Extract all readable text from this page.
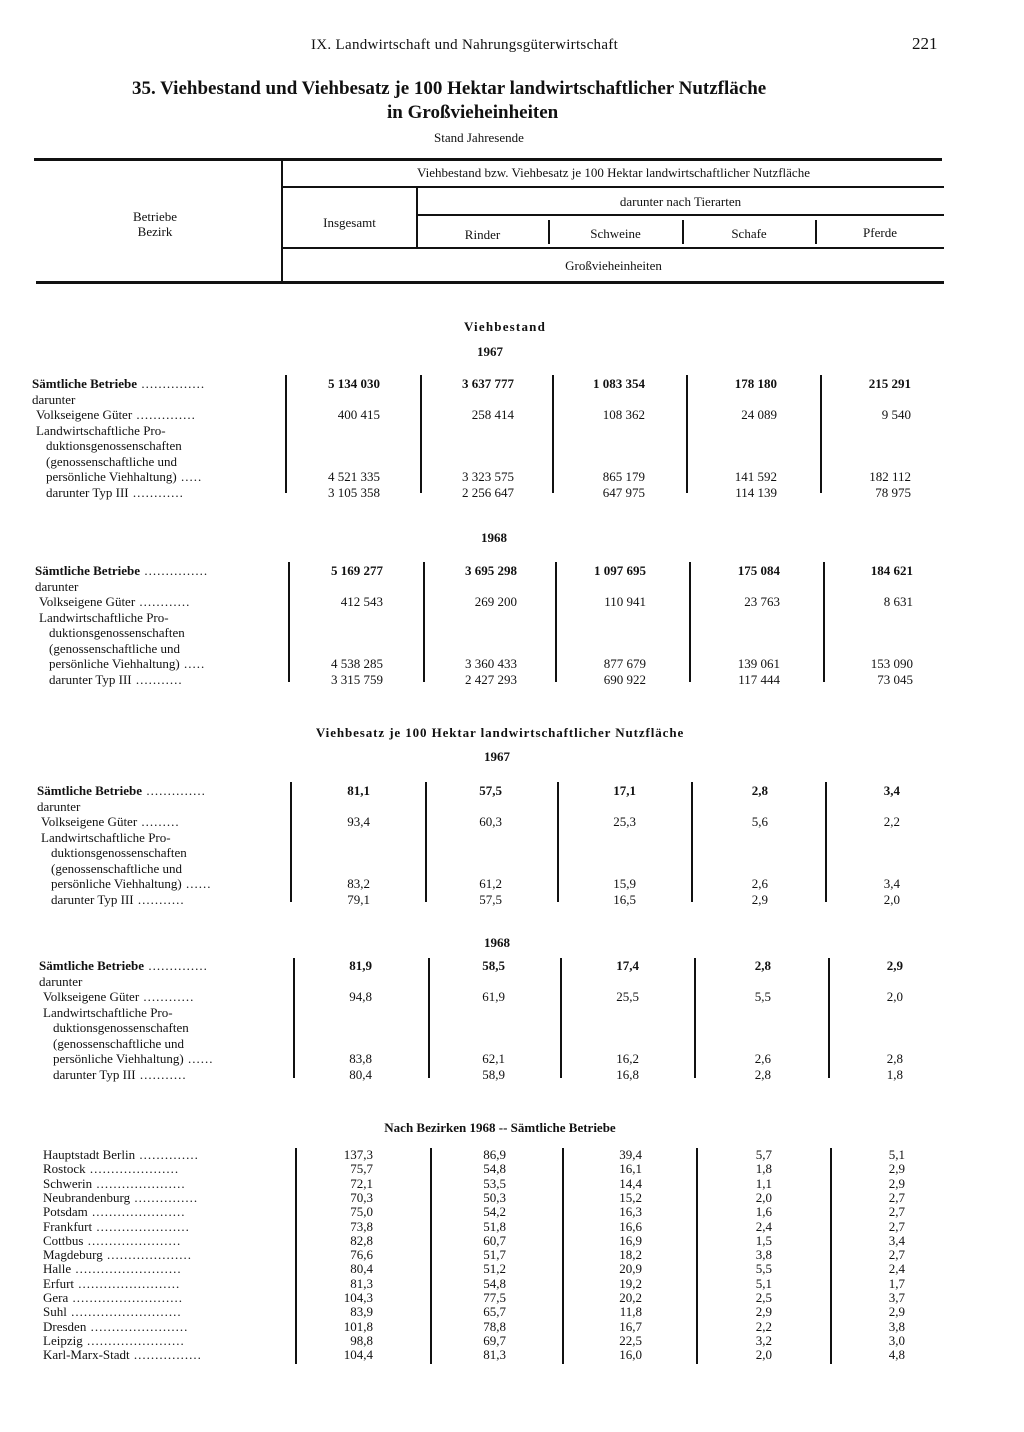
IX. Landwirtschaft und Nahrungsgüterwirtschaft	221
35. Viehbestand und Viehbesatz je 100 Hektar landwirtschaftlicher Nutzfläche
in Großvieheinheiten
Stand Jahresende
Betriebe
Bezirk
Viehbestand bzw. Viehbesatz je 100 Hektar landwirtschaftlicher Nutzfläche
Insgesamt
darunter nach Tierarten
Rinder	Schweine	Schafe	Pferde
Großvieheinheiten
Viehbestand
1967
1968
Viehbesatz je 100 Hektar landwirtschaftlicher Nutzfläche
1967
1968
Nach Bezirken 1968 -- Sämtliche Betriebe
Sämtliche Betriebe ...............	5 134 030	3 637 777	1 083 354	178 180	215 291
darunter
Volkseigene Güter ..............	400 415	258 414	108 362	24 089	9 540
Landwirtschaftliche Pro-
duktionsgenossenschaften
(genossenschaftliche und
persönliche Viehhaltung) .....	4 521 335	3 323 575	865 179	141 592	182 112
darunter Typ III ............	3 105 358	2 256 647	647 975	114 139	78 975
Sämtliche Betriebe ...............	5 169 277	3 695 298	1 097 695	175 084	184 621
darunter
Volkseigene Güter ............	412 543	269 200	110 941	23 763	8 631
Landwirtschaftliche Pro-
duktionsgenossenschaften
(genossenschaftliche und
persönliche Viehhaltung) .....	4 538 285	3 360 433	877 679	139 061	153 090
darunter Typ III ...........	3 315 759	2 427 293	690 922	117 444	73 045
Sämtliche Betriebe ..............	81,1	57,5	17,1	2,8	3,4
darunter
Volkseigene Güter .........	93,4	60,3	25,3	5,6	2,2
Landwirtschaftliche Pro-
duktionsgenossenschaften
(genossenschaftliche und
persönliche Viehhaltung) ......	83,2	61,2	15,9	2,6	3,4
darunter Typ III ...........	79,1	57,5	16,5	2,9	2,0
Sämtliche Betriebe ..............	81,9	58,5	17,4	2,8	2,9
darunter
Volkseigene Güter ............	94,8	61,9	25,5	5,5	2,0
Landwirtschaftliche Pro-
duktionsgenossenschaften
(genossenschaftliche und
persönliche Viehhaltung) ......	83,8	62,1	16,2	2,6	2,8
darunter Typ III ...........	80,4	58,9	16,8	2,8	1,8
Hauptstadt Berlin ..............	137,3	86,9	39,4	5,7	5,1
Rostock .....................	75,7	54,8	16,1	1,8	2,9
Schwerin .....................	72,1	53,5	14,4	1,1	2,9
Neubrandenburg ...............	70,3	50,3	15,2	2,0	2,7
Potsdam ......................	75,0	54,2	16,3	1,6	2,7
Frankfurt ......................	73,8	51,8	16,6	2,4	2,7
Cottbus ......................	82,8	60,7	16,9	1,5	3,4
Magdeburg ....................	76,6	51,7	18,2	3,8	2,7
Halle .........................	80,4	51,2	20,9	5,5	2,4
Erfurt ........................	81,3	54,8	19,2	5,1	1,7
Gera ..........................	104,3	77,5	20,2	2,5	3,7
Suhl ..........................	83,9	65,7	11,8	2,9	2,9
Dresden .......................	101,8	78,8	16,7	2,2	3,8
Leipzig .......................	98,8	69,7	22,5	3,2	3,0
Karl-Marx-Stadt ................	104,4	81,3	16,0	2,0	4,8
